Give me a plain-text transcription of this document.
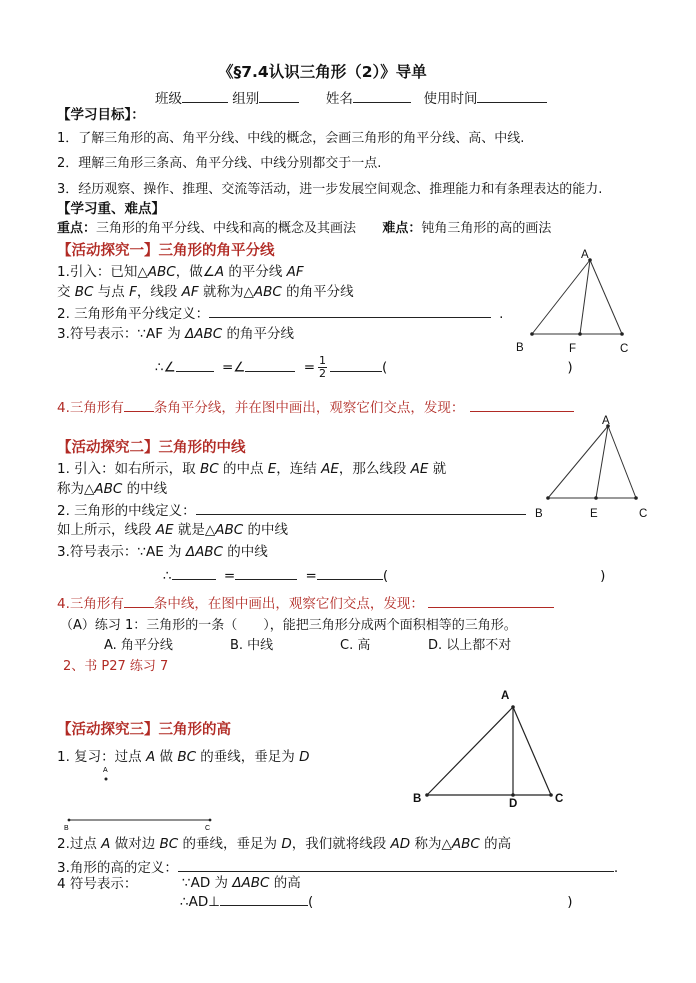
《§7.4认识三角形（2）》导单
班级	组别	姓名	使用时间
【学习目标】：
1．了解三角形的高、角平分线、中线的概念，会画三角形的角平分线、高、中线.
2．理解三角形三条高、角平分线、中线分别都交于一点.
3．经历观察、操作、推理、交流等活动，进一步发展空间观念、推理能力和有条理表达的能力.
【学习重、难点】
重点：三角形的角平分线、中线和高的概念及其画法 难点：钝角三角形的高的画法
【活动探究一】三角形的角平分线
1.引入：已知△ABC，做∠A 的平分线 AF
交 BC 与点 F，线段 AF 就称为△ABC 的角平分线
2. 三角形角平分线定义：	.
3.符号表示：∵AF 为 ΔABC 的角平分线
∴∠	=∠	= $\frac{1}{2}$	(	)
4.三角形有 条角平分线，并在图中画出，观察它们交点，发现：
A
B	F	C
【活动探究二】三角形的中线
1. 引入：如右所示，取 BC 的中点 E，连结 AE，那么线段 AE 就
称为△ABC 的中线
2. 三角形的中线定义：
如上所示，线段 AE 就是△ABC 的中线
3.符号表示：∵AE 为 ΔABC 的中线
∴	=	=	(	)
4.三角形有 条中线，在图中画出，观察它们交点，发现：
（A）练习 1：三角形的一条（　　），能把三角形分成两个面积相等的三角形。
A. 角平分线	B. 中线	C. 高	D. 以上都不对
2、书 P27 练习 7
A
B	E	C
A
B	D	C
【活动探究三】三角形的高
1. 复习：过点 A 做 BC 的垂线，垂足为 D
A
B	C
2.过点 A 做对边 BC 的垂线，垂足为 D，我们就将线段 AD 称为△ABC 的高
3.角形的高的定义：	.
4 符号表示：	∵AD 为 ΔABC 的高
∴AD⊥	(	)
